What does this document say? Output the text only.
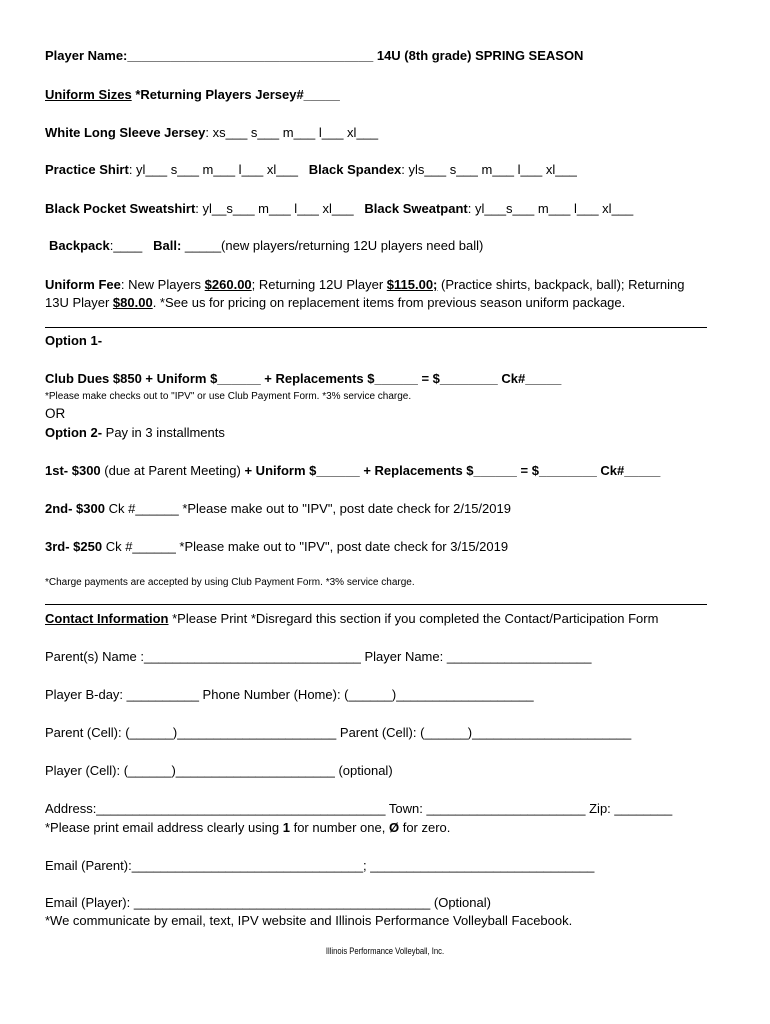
Player Name:__________________________________ 14U (8th grade) SPRING SEASON
Uniform Sizes *Returning Players Jersey#_____
White Long Sleeve Jersey: xs___ s___ m___ l___ xl___
Practice Shirt: yl___ s___ m___ l___ xl___ Black Spandex: yls___ s___ m___ l___ xl___
Black Pocket Sweatshirt: yl__s___ m___ l___ xl___ Black Sweatpant: yl___s___ m___ l___ xl___
Backpack:____ Ball: _____(new players/returning 12U players need ball)
Uniform Fee: New Players $260.00; Returning 12U Player $115.00; (Practice shirts, backpack, ball); Returning
13U Player $80.00. *See us for pricing on replacement items from previous season uniform package.
Option 1-
Club Dues $850 + Uniform $______ + Replacements $______ = $________ Ck#_____
*Please make checks out to "IPV" or use Club Payment Form. *3% service charge.
OR
Option 2- Pay in 3 installments
1st- $300 (due at Parent Meeting) + Uniform $______ + Replacements $______ = $________ Ck#_____
2nd- $300 Ck #______ *Please make out to "IPV", post date check for 2/15/2019
3rd- $250 Ck #______ *Please make out to "IPV", post date check for 3/15/2019
*Charge payments are accepted by using Club Payment Form. *3% service charge.
Contact Information *Please Print *Disregard this section if you completed the Contact/Participation Form
Parent(s) Name :______________________________ Player Name: ____________________
Player B-day: __________ Phone Number (Home): (______)___________________
Parent (Cell): (______)______________________ Parent (Cell): (______)______________________
Player (Cell): (______)______________________ (optional)
Address:________________________________________ Town: ______________________ Zip: ________
*Please print email address clearly using 1 for number one, Ø for zero.
Email (Parent):________________________________; _______________________________
Email (Player): _________________________________________ (Optional)
*We communicate by email, text, IPV website and Illinois Performance Volleyball Facebook.
Illinois Performance Volleyball, Inc.
